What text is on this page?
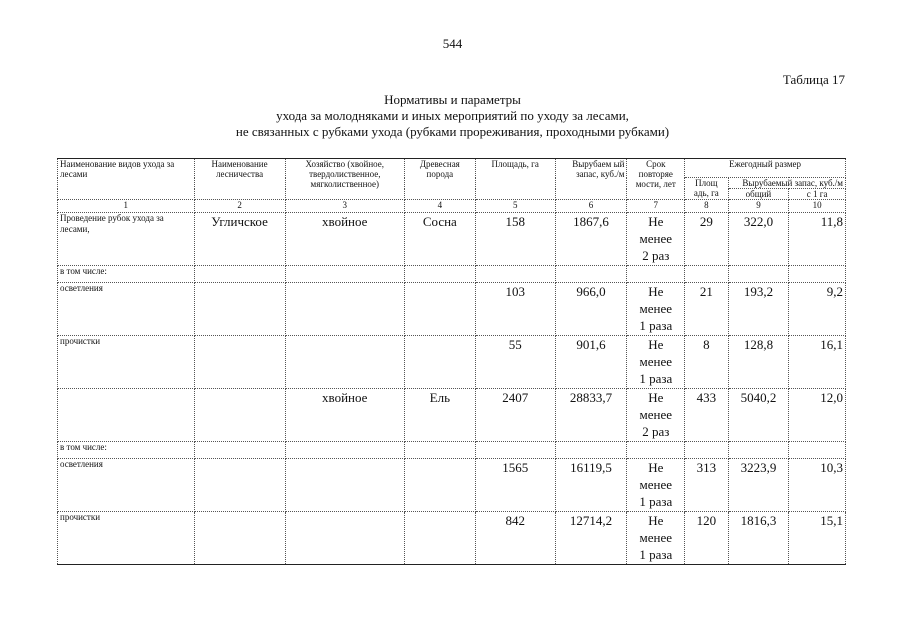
544
Таблица 17
Нормативы и параметры
ухода за молодняками и иных мероприятий по уходу за лесами,
не связанных с рубками ухода (рубками прореживания, проходными рубками)
Наименование видов ухода за лесами	Наименование лесничества	Хозяйство (хвойное, твердолиственное, мягколиственное)	Древесная порода	Площадь, га	Вырубаем ый запас, куб./м	Срок повторяе мости, лет	Ежегодный размер		
							Площ адь, га	Вырубаемый запас, куб./м	
								общий	с 1 га
1	2	3	4	5	6	7	8	9	10
Проведение рубок ухода за лесами,	Угличское	хвойное	Сосна	158	1867,6	Не менее 2 раз	29	322,0	11,8
в том числе:									
осветления				103	966,0	Не менее 1 раза	21	193,2	9,2
прочистки				55	901,6	Не менее 1 раза	8	128,8	16,1
		хвойное	Ель	2407	28833,7	Не менее 2 раз	433	5040,2	12,0
в том числе:									
осветления				1565	16119,5	Не менее 1 раза	313	3223,9	10,3
прочистки				842	12714,2	Не менее 1 раза	120	1816,3	15,1
